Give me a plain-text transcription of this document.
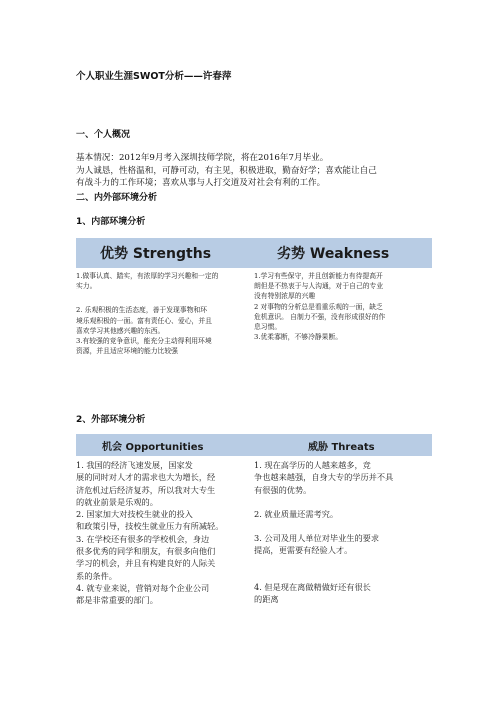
个人职业生涯SWOT分析——许春萍
一、个人概况
基本情况：2012年9月考入深圳技师学院，将在2016年7月毕业。
为人诚恳，性格温和，可静可动，有主见，积极进取，勤奋好学；喜欢能让自己
有战斗力的工作环境；喜欢从事与人打交道及对社会有利的工作。
二、内外部环境分析
1、内部环境分析
优势 Strengths	劣势 Weakness

1.做事认真、踏实，有浓厚的学习兴趣和一定的

实力。

2. 乐观积极的生活态度，善于发现事物和环

境乐观积极的一面。富有责任心、爱心，并且

喜欢学习其他感兴趣的东西。

3.有较强的竞争意识，能充分主动得利用环境

资源，并且适应环境的能力比较强

1.学习有些保守，并且创新能力有待提高开

朗但是不热衷于与人沟通，对于自己的专业

没有特别浓厚的兴趣

2 对事物的分析总是看重乐观的一面，缺乏

危机意识。 自制力不强，没有形成很好的作

息习惯。

3.优柔寡断，不够冷静果断。

2、外部环境分析
机会 Opportunities	威胁 Threats

1. 我国的经济飞速发展，国家发

展的同时对人才的需求也大为增长，经

济危机过后经济复苏，所以我对大专生

的就业前景是乐观的。

2. 国家加大对技校生就业的投入

和政策引导，技校生就业压力有所减轻。

3. 在学校还有很多的学校机会，身边

很多优秀的同学和朋友，有很多向他们

学习的机会，并且有构建良好的人际关

系的条件。

4. 就专业来说，营销对每个企业公司

都是非常重要的部门。

1. 现在高学历的人越来越多，竞

争也越来越强，自身大专的学历并不具

有很强的优势。

2. 就业质量还需考究。

3. 公司及用人单位对毕业生的要求

提高，更需要有经验人才。

4. 但是现在离做精做好还有很长

的距离
